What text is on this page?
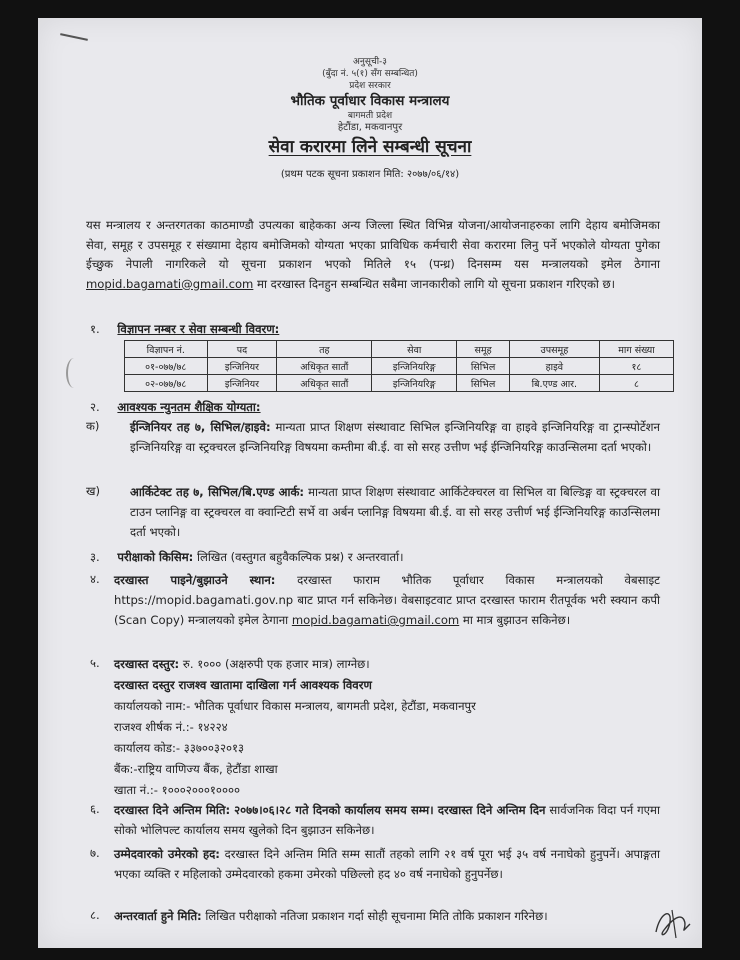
अनुसूची-३
(बुँदा नं. ५(१) सँग सम्बन्धित)
प्रदेश सरकार
भौतिक पूर्वाधार विकास मन्त्रालय
बागमती प्रदेश
हेटौंडा, मकवानपुर
सेवा करारमा लिने सम्बन्धी सूचना
(प्रथम पटक सूचना प्रकाशन मिति: २०७७/०६/१४)
यस मन्त्रालय र अन्तरगतका काठमाण्डौ उपत्यका बाहेकका अन्य जिल्ला स्थित विभिन्न योजना/आयोजनाहरुका लागि देहाय बमोजिमका सेवा, समूह र उपसमूह र संख्यामा देहाय बमोजिमको योग्यता भएका प्राविधिक कर्मचारी सेवा करारमा लिनु पर्ने भएकोले योग्यता पुगेका ईच्छुक नेपाली नागरिकले यो सूचना प्रकाशन भएको मितिले १५ (पन्ध्र) दिनसम्म यस मन्त्रालयको इमेल ठेगाना mopid.bagamati@gmail.com मा दरखास्त दिनहुन सम्बन्धित सबैमा जानकारीको लागि यो सूचना प्रकाशन गरिएको छ।
१. विज्ञापन नम्बर र सेवा सम्बन्धी विवरण:
विज्ञापन नं.	पद	तह	सेवा	समूह	उपसमूह	माग संख्या
०१-०७७/७८	इन्जिनियर	अधिकृत सातौं	इन्जिनियरिङ्ग	सिभिल	हाइवे	१८
०२-०७७/७८	इन्जिनियर	अधिकृत सातौं	इन्जिनियरिङ्ग	सिभिल	बि.एण्ड आर.	८
२. आवश्यक न्युनतम शैक्षिक योग्यता:
क)	ईन्जिनियर तह ७, सिभिल/हाइवे: मान्यता प्राप्त शिक्षण संस्थावाट सिभिल इन्जिनियरिङ्ग वा हाइवे इन्जिनियरिङ्ग वा ट्रान्स्पोर्टेशन इन्जिनियरिङ्ग वा स्ट्रक्चरल इन्जिनियरिङ्ग विषयमा कम्तीमा बी.ई. वा सो सरह उत्तीण भई ईन्जिनियरिङ्ग काउन्सिलमा दर्ता भएको।
ख)	आर्किटेक्ट तह ७, सिभिल/बि.एण्ड आर्क: मान्यता प्राप्त शिक्षण संस्थावाट आर्किटेक्चरल वा सिभिल वा बिल्डिङ्ग वा स्ट्रक्चरल वा टाउन प्लानिङ्ग वा स्ट्रक्चरल वा क्वान्टिटी सर्भे वा अर्बन प्लानिङ्ग विषयमा बी.ई. वा सो सरह उत्तीर्ण भई ईन्जिनियरिङ्ग काउन्सिलमा दर्ता भएको।
३. परीक्षाको किसिम: लिखित (वस्तुगत बहुवैकल्पिक प्रश्न) र अन्तरवार्ता।
४. दरखास्त पाइने/बुझाउने स्थान: दरखास्त फाराम भौतिक पूर्वाधार विकास मन्त्रालयको वेबसाइट https://mopid.bagamati.gov.np बाट प्राप्त गर्न सकिनेछ। वेबसाइटवाट प्राप्त दरखास्त फाराम रीतपूर्वक भरी स्क्यान कपी (Scan Copy) मन्त्रालयको इमेल ठेगाना mopid.bagamati@gmail.com मा मात्र बुझाउन सकिनेछ।
५. दरखास्त दस्तुर: रु. १००० (अक्षरुपी एक हजार मात्र) लाग्नेछ।
दरखास्त दस्तुर राजश्व खातामा दाखिला गर्न आवश्यक विवरण
कार्यालयको नाम:- भौतिक पूर्वाधार विकास मन्त्रालय, बागमती प्रदेश, हेटौंडा, मकवानपुर
राजश्व शीर्षक नं.:- १४२२४
कार्यालय कोड:- ३३७००३२०१३
बैंक:-राष्ट्रिय वाणिज्य बैंक, हेटौंडा शाखा
खाता नं.:- १०००२०००१००००
६. दरखास्त दिने अन्तिम मिति: २०७७।०६।२८ गते दिनको कार्यालय समय सम्म। दरखास्त दिने अन्तिम दिन सार्वजनिक विदा पर्न गएमा सोको भोलिपल्ट कार्यालय समय खुलेको दिन बुझाउन सकिनेछ।
७. उम्मेदवारको उमेरको हद: दरखास्त दिने अन्तिम मिति सम्म सातौं तहको लागि २१ वर्ष पूरा भई ३५ वर्ष ननाघेको हुनुपर्ने। अपाङ्गता भएका व्यक्ति र महिलाको उम्मेदवारको हकमा उमेरको पछिल्लो हद ४० वर्ष ननाघेको हुनुपर्नेछ।
८. अन्तरवार्ता हुने मिति: लिखित परीक्षाको नतिजा प्रकाशन गर्दा सोही सूचनामा मिति तोकि प्रकाशन गरिनेछ।
